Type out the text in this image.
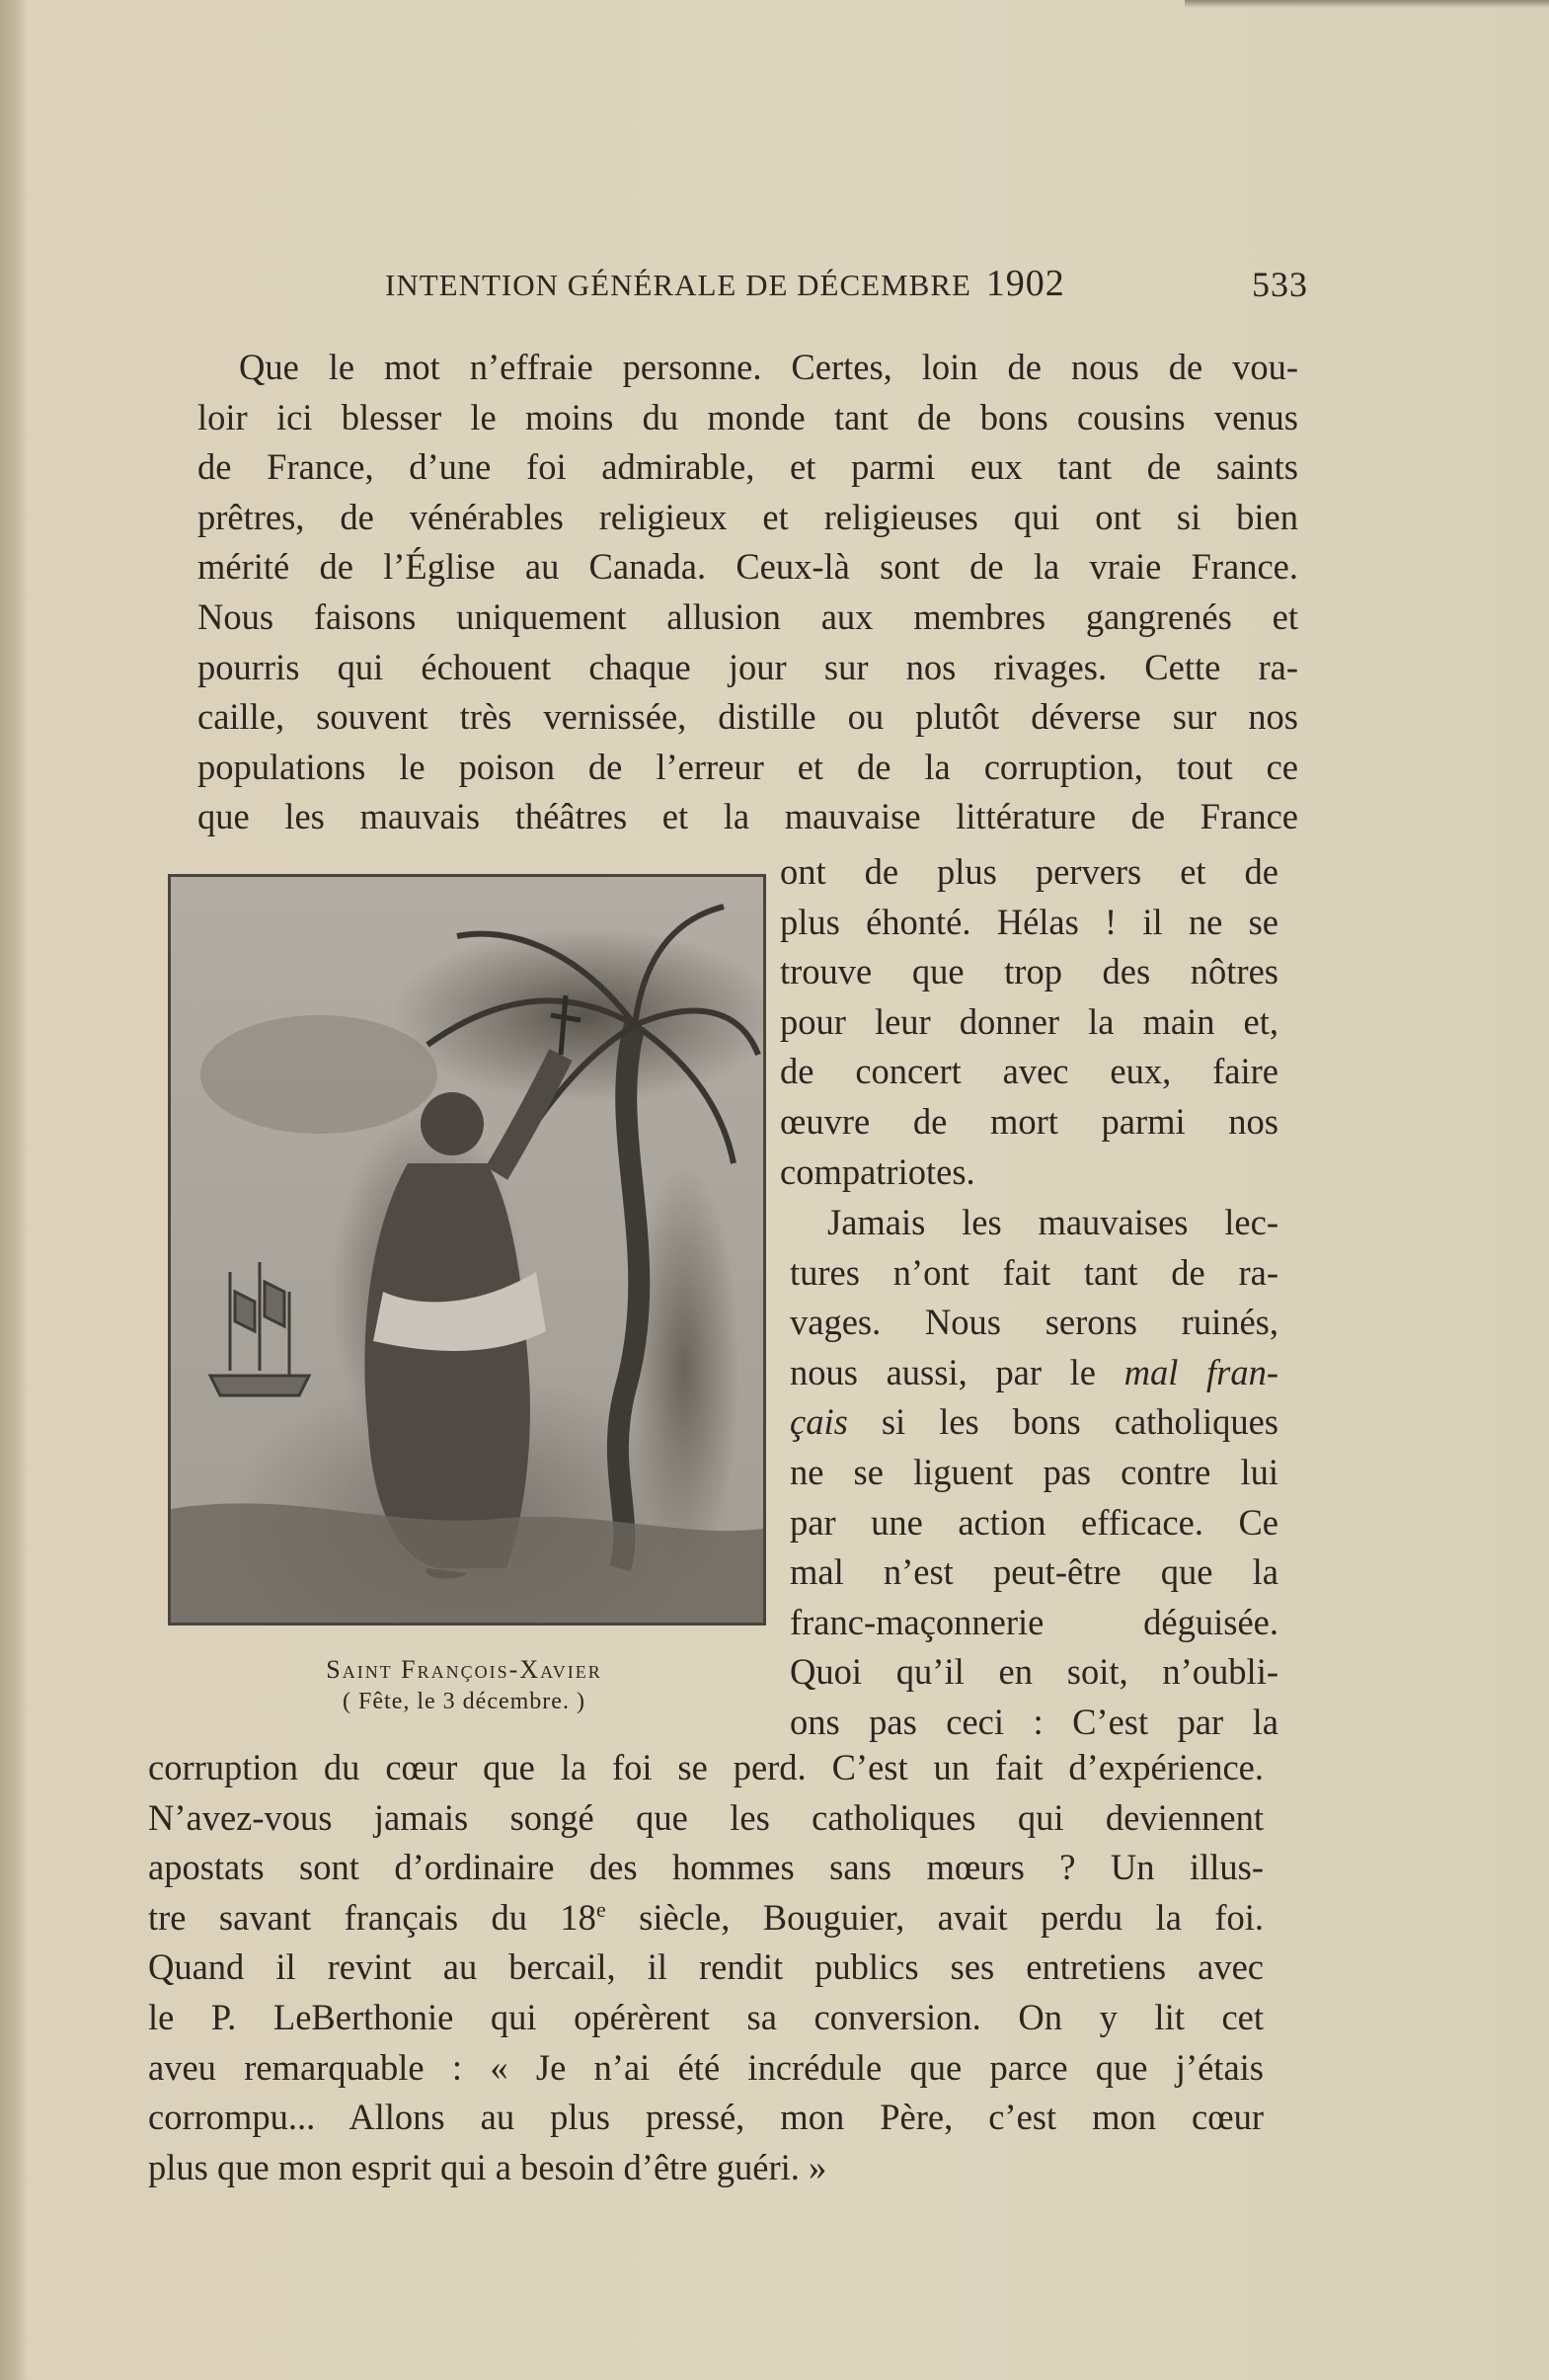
INTENTION GÉNÉRALE DE DÉCEMBRE 1902	533
Que le mot n’effraie personne. Certes, loin de nous de vou-
loir ici blesser le moins du monde tant de bons cousins venus
de France, d’une foi admirable, et parmi eux tant de saints
prêtres, de vénérables religieux et religieuses qui ont si bien
mérité de l’Église au Canada. Ceux-là sont de la vraie France.
Nous faisons uniquement allusion aux membres gangrenés et
pourris qui échouent chaque jour sur nos rivages. Cette ra-
caille, souvent très vernissée, distille ou plutôt déverse sur nos
populations le poison de l’erreur et de la corruption, tout ce
que les mauvais théâtres et la mauvaise littérature de France
ont de plus pervers et de
plus éhonté. Hélas ! il ne se
trouve que trop des nôtres
pour leur donner la main et,
de concert avec eux, faire
œuvre de mort parmi nos
compatriotes.
Jamais les mauvaises lec-
tures n’ont fait tant de ra-
vages. Nous serons ruinés,
nous aussi, par le mal fran-
çais si les bons catholiques
ne se liguent pas contre lui
par une action efficace. Ce
mal n’est peut-être que la
franc-maçonnerie déguisée.
Quoi qu’il en soit, n’oubli-
ons pas ceci : C’est par la
corruption du cœur que la foi se perd. C’est un fait d’expérience.
N’avez-vous jamais songé que les catholiques qui deviennent
apostats sont d’ordinaire des hommes sans mœurs ? Un illus-
tre savant français du 18e siècle, Bouguier, avait perdu la foi.
Quand il revint au bercail, il rendit publics ses entretiens avec
le P. LeBerthonie qui opérèrent sa conversion. On y lit cet
aveu remarquable : « Je n’ai été incrédule que parce que j’étais
corrompu... Allons au plus pressé, mon Père, c’est mon cœur
plus que mon esprit qui a besoin d’être guéri. »
Saint François-Xavier
( Fête, le 3 décembre. )
